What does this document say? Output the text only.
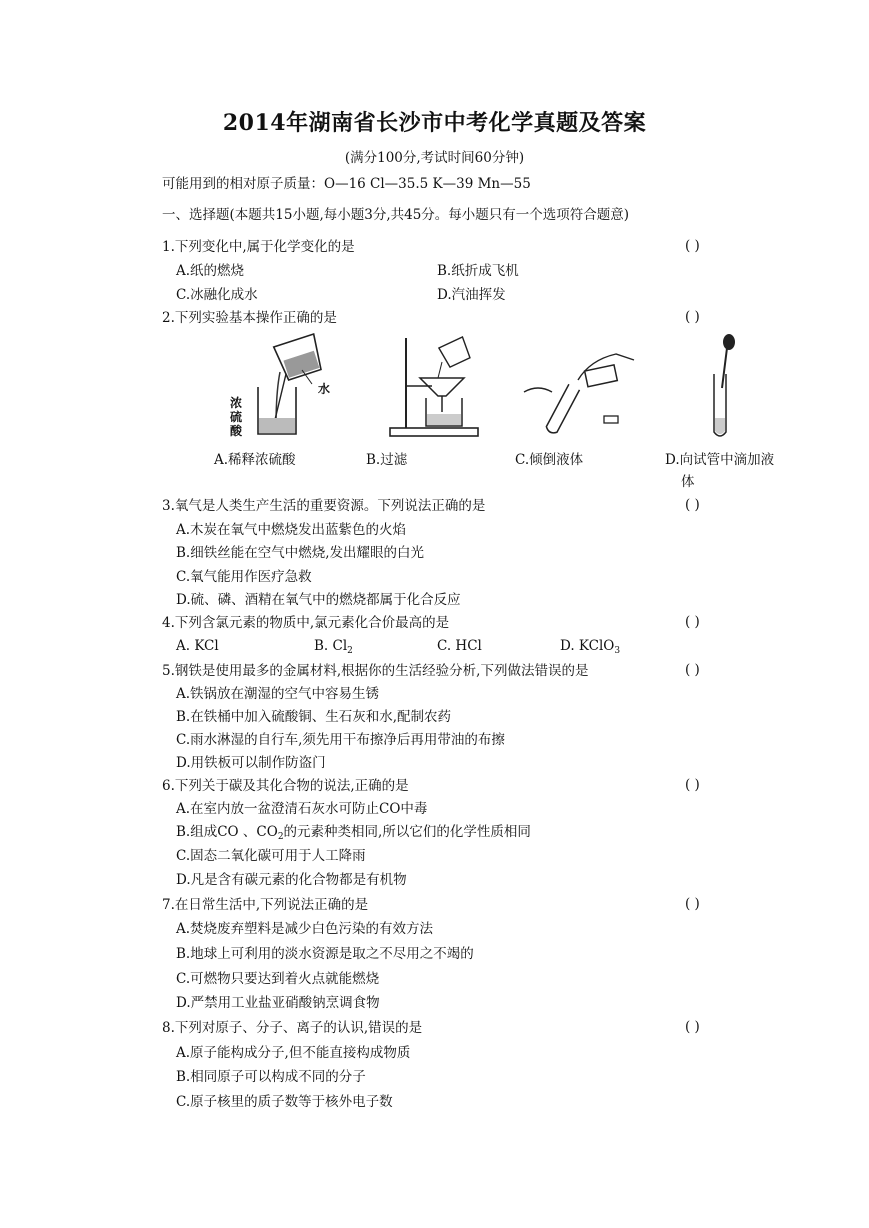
2014年湖南省长沙市中考化学真题及答案
(满分100分,考试时间60分钟)
可能用到的相对原子质量：O—16 Cl—35.5 K—39 Mn—55
一、选择题(本题共15小题,每小题3分,共45分。每小题只有一个选项符合题意)
1.下列变化中,属于化学变化的是	( )
A.纸的燃烧	B.纸折成飞机
C.冰融化成水	D.汽油挥发
2.下列实验基本操作正确的是	( )
水
浓
硫
酸
A.稀释浓硫酸	B.过滤	C.倾倒液体	D.向试管中滴加液
体
3.氧气是人类生产生活的重要资源。下列说法正确的是	( )
A.木炭在氧气中燃烧发出蓝紫色的火焰
B.细铁丝能在空气中燃烧,发出耀眼的白光
C.氧气能用作医疗急救
D.硫、磷、酒精在氧气中的燃烧都属于化合反应
4.下列含氯元素的物质中,氯元素化合价最高的是	( )
A. KCl	B. $Cl_2$	C. HCl	D. KClO$_3$
5.钢铁是使用最多的金属材料,根据你的生活经验分析,下列做法错误的是	( )
A.铁锅放在潮湿的空气中容易生锈
B.在铁桶中加入硫酸铜、生石灰和水,配制农药
C.雨水淋湿的自行车,须先用干布擦净后再用带油的布擦
D.用铁板可以制作防盗门
6.下列关于碳及其化合物的说法,正确的是	( )
A.在室内放一盆澄清石灰水可防止CO中毒
B.组成CO 、$CO_2$的元素种类相同,所以它们的化学性质相同
C.固态二氧化碳可用于人工降雨
D.凡是含有碳元素的化合物都是有机物
7.在日常生活中,下列说法正确的是	( )
A.焚烧废弃塑料是减少白色污染的有效方法
B.地球上可利用的淡水资源是取之不尽用之不竭的
C.可燃物只要达到着火点就能燃烧
D.严禁用工业盐亚硝酸钠烹调食物
8.下列对原子、分子、离子的认识,错误的是	( )
A.原子能构成分子,但不能直接构成物质
B.相同原子可以构成不同的分子
C.原子核里的质子数等于核外电子数
